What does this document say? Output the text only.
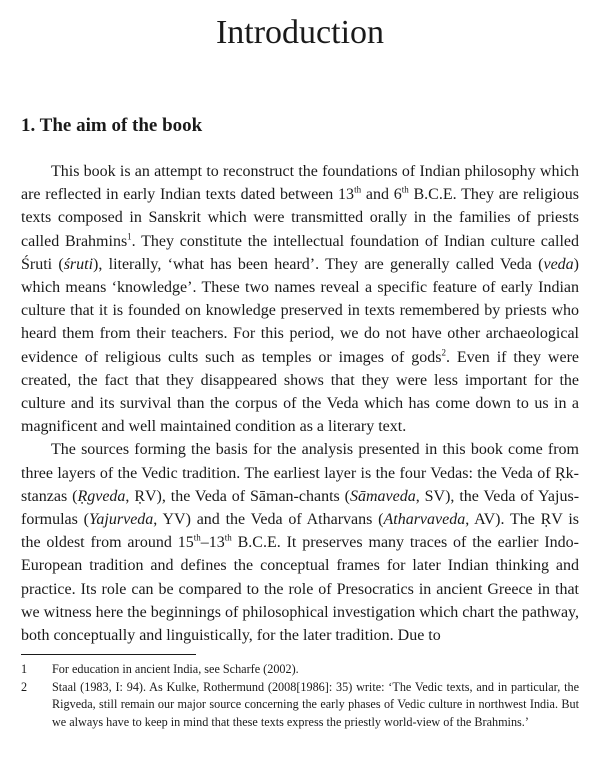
Introduction
1. The aim of the book

This book is an attempt to reconstruct the foundations of Indian philosophy which are reflected in early Indian texts dated between 13th and 6th B.C.E. They are religious texts composed in Sanskrit which were transmitted orally in the families of priests called Brahmins$^1$. They constitute the intellectual foundation of Indian culture called Śruti (śruti), literally, ‘what has been heard’. They are generally called Veda (veda) which means ‘knowledge’. These two names reveal a specific feature of early Indian culture that it is founded on knowledge preserved in texts remembered by priests who heard them from their teachers. For this period, we do not have other archaeological evidence of religious cults such as temples or images of gods$^2$. Even if they were created, the fact that they disappeared shows that they were less important for the culture and its survival than the corpus of the Veda which has come down to us in a magnificent and well maintained condition as a literary text.

The sources forming the basis for the analysis presented in this book come from three layers of the Vedic tradition. The earliest layer is the four Vedas: the Veda of Ṛk-stanzas (Ṛgveda, ṚV), the Veda of Sāman-chants (Sāmaveda, SV), the Veda of Yajus-formulas (Yajurveda, YV) and the Veda of Atharvans (Atharvaveda, AV). The ṚV is the oldest from around 15th–13th B.C.E. It preserves many traces of the earlier Indo-European tradition and defines the conceptual frames for later Indian thinking and practice. Its role can be compared to the role of Presocratics in ancient Greece in that we witness here the beginnings of philosophical investigation which chart the pathway, both conceptually and linguistically, for the later tradition. Due to

1 For education in ancient India, see Scharfe (2002).

2 Staal (1983, I: 94). As Kulke, Rothermund (2008[1986]: 35) write: ‘The Vedic texts, and in particular, the Rigveda, still remain our major source concerning the early phases of Vedic culture in northwest India. But we always have to keep in mind that these texts express the priestly world-view of the Brahmins.’
